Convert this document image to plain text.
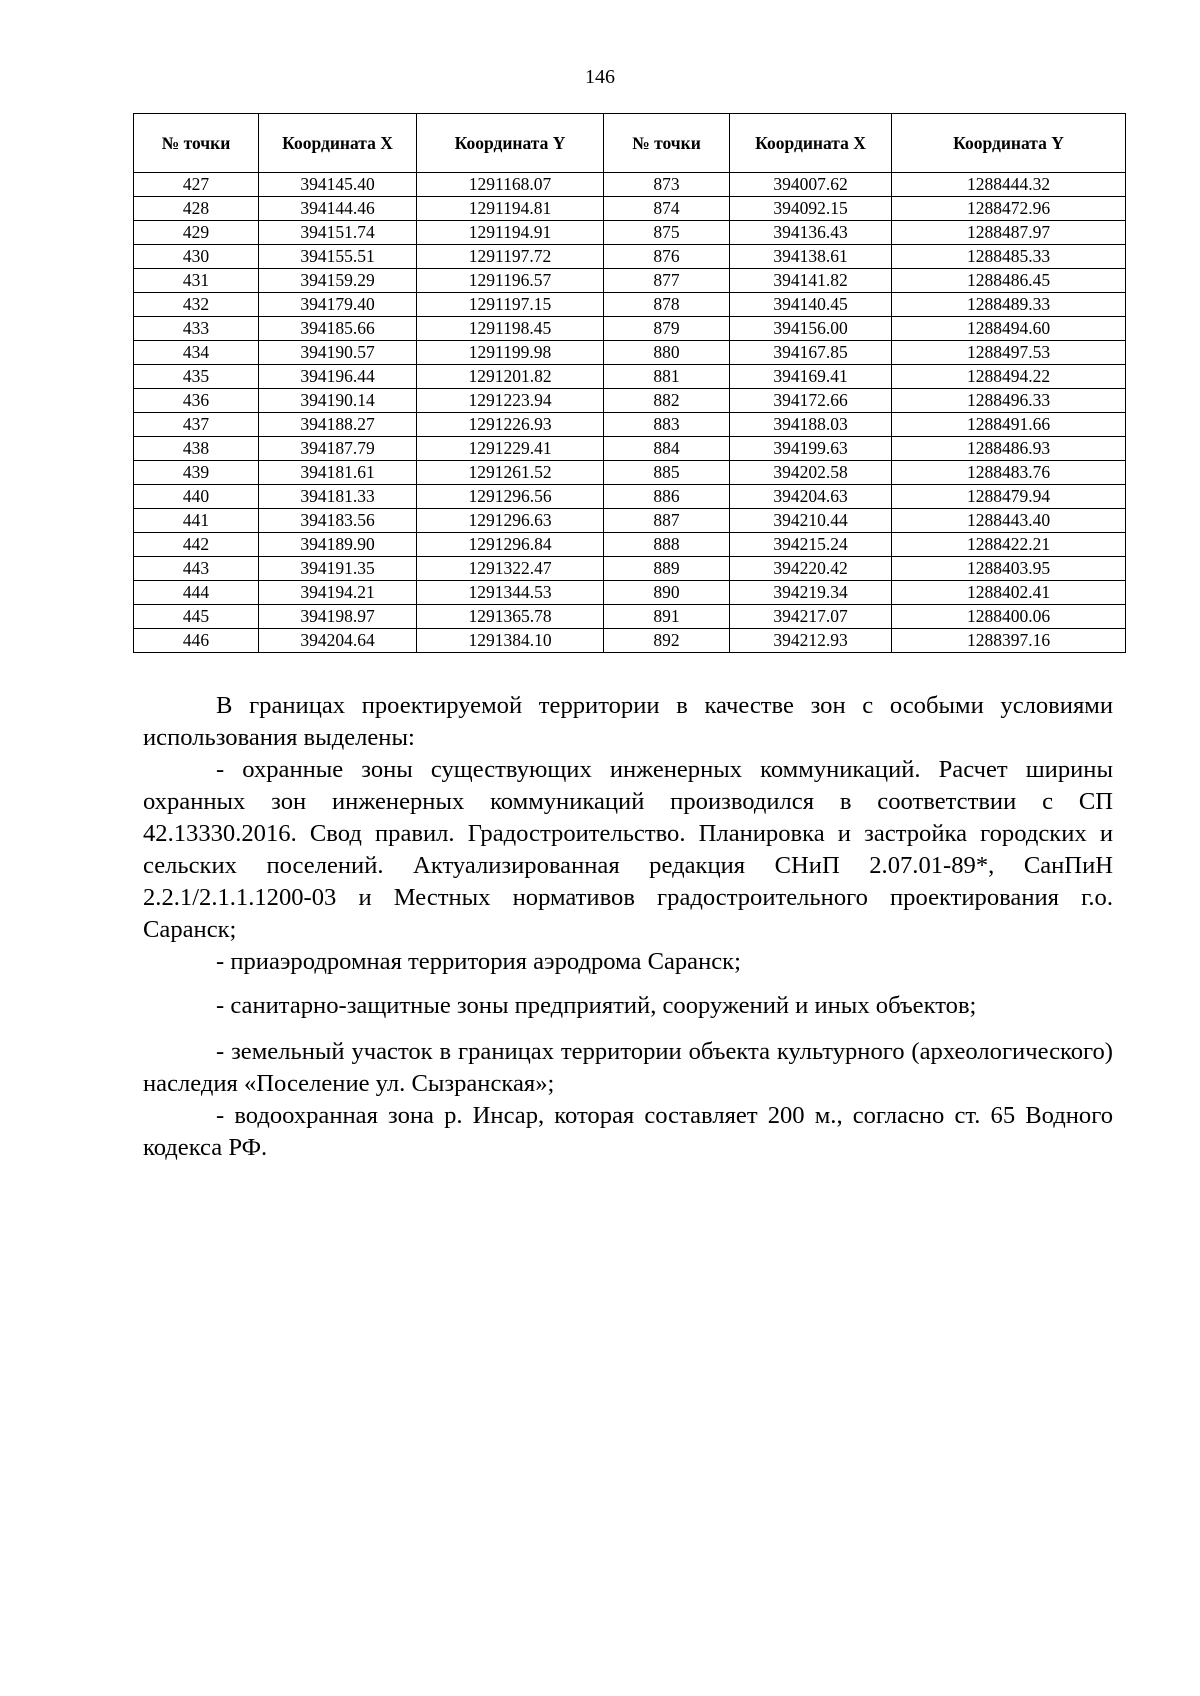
146
№ точки	Координата X	Координата Y	№ точки	Координата X	Координата Y
427	394145.40	1291168.07	873	394007.62	1288444.32
428	394144.46	1291194.81	874	394092.15	1288472.96
429	394151.74	1291194.91	875	394136.43	1288487.97
430	394155.51	1291197.72	876	394138.61	1288485.33
431	394159.29	1291196.57	877	394141.82	1288486.45
432	394179.40	1291197.15	878	394140.45	1288489.33
433	394185.66	1291198.45	879	394156.00	1288494.60
434	394190.57	1291199.98	880	394167.85	1288497.53
435	394196.44	1291201.82	881	394169.41	1288494.22
436	394190.14	1291223.94	882	394172.66	1288496.33
437	394188.27	1291226.93	883	394188.03	1288491.66
438	394187.79	1291229.41	884	394199.63	1288486.93
439	394181.61	1291261.52	885	394202.58	1288483.76
440	394181.33	1291296.56	886	394204.63	1288479.94
441	394183.56	1291296.63	887	394210.44	1288443.40
442	394189.90	1291296.84	888	394215.24	1288422.21
443	394191.35	1291322.47	889	394220.42	1288403.95
444	394194.21	1291344.53	890	394219.34	1288402.41
445	394198.97	1291365.78	891	394217.07	1288400.06
446	394204.64	1291384.10	892	394212.93	1288397.16

В границах проектируемой территории в качестве зон с особыми условиями использования выделены:

- охранные зоны существующих инженерных коммуникаций. Расчет ширины охранных зон инженерных коммуникаций производился в соответствии с СП 42.13330.2016. Свод правил. Градостроительство. Планировка и застройка городских и сельских поселений. Актуализированная редакция СНиП 2.07.01-89*, СанПиН 2.2.1/2.1.1.1200-03 и Местных нормативов градостроительного проектирования г.о. Саранск;

- приаэродромная территория аэродрома Саранск;

- санитарно-защитные зоны предприятий, сооружений и иных объектов;

- земельный участок в границах территории объекта культурного (археологического) наследия «Поселение ул. Сызранская»;

- водоохранная зона р. Инсар, которая составляет 200 м., согласно ст. 65 Водного кодекса РФ.
